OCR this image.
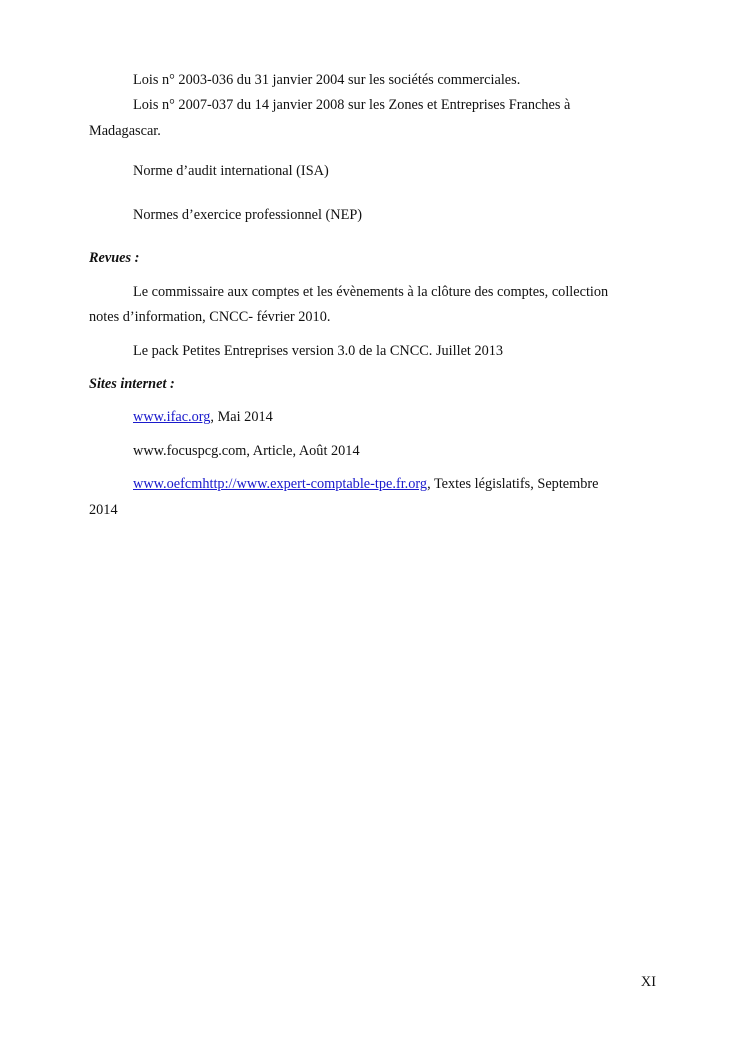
Lois n° 2003-036 du 31 janvier 2004 sur les sociétés commerciales.
Lois n° 2007-037 du 14 janvier 2008 sur les Zones et Entreprises Franches à
Madagascar.
Norme d’audit international (ISA)
Normes d’exercice professionnel (NEP)
Revues :
Le commissaire aux comptes et les évènements à la clôture des comptes, collection
notes d’information, CNCC- février 2010.
Le pack Petites Entreprises version 3.0 de la CNCC. Juillet 2013
Sites internet :
www.ifac.org, Mai 2014
www.focuspcg.com, Article, Août 2014
www.oefcmhttp://www.expert-comptable-tpe.fr.org, Textes législatifs, Septembre
2014
XI
